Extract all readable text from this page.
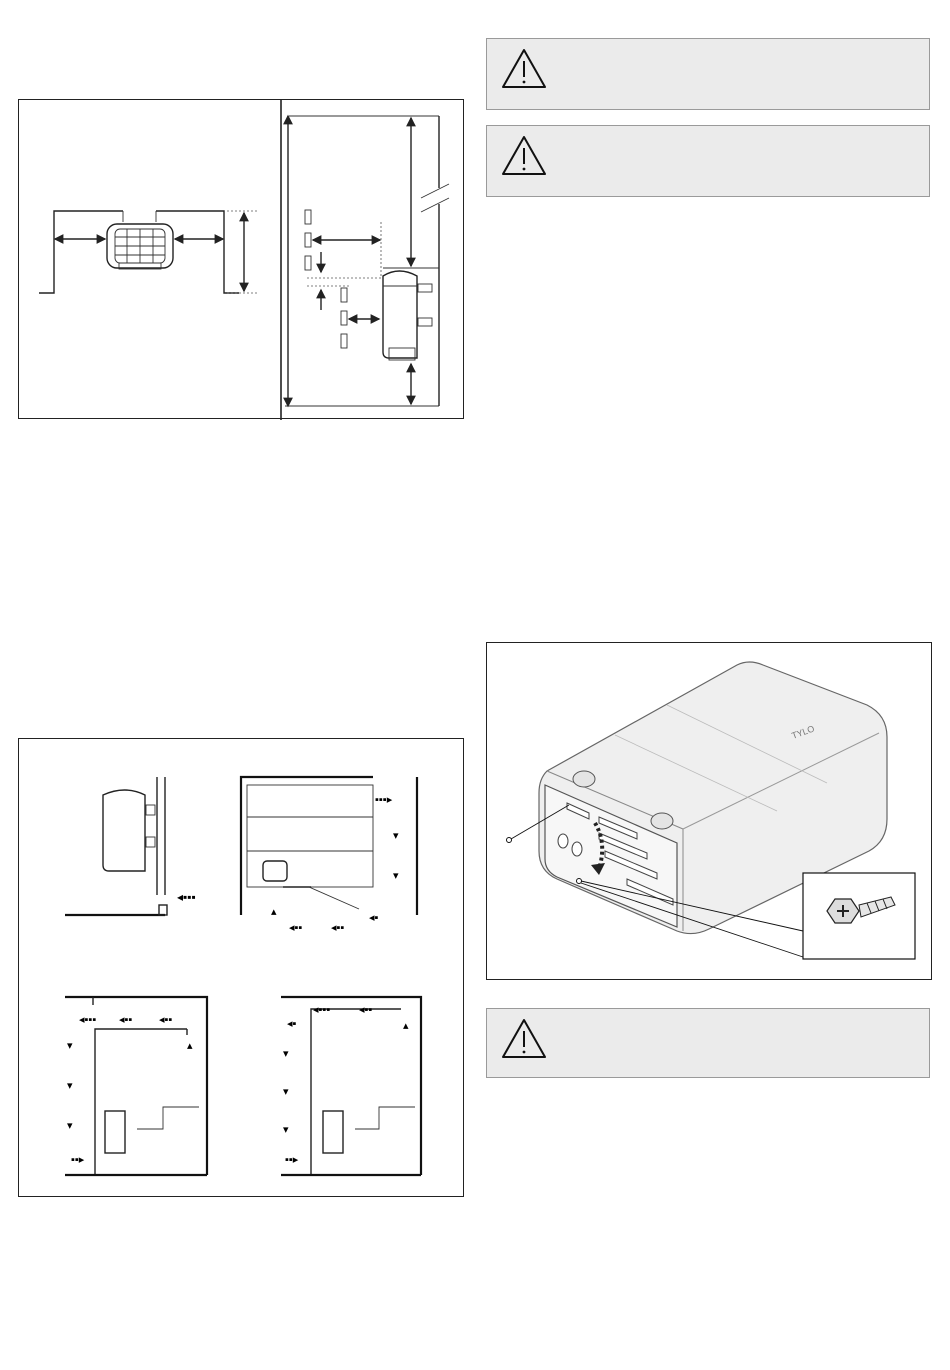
◂▪▪▪
▪▪▪▸
▾
▾
▴
◂▪▪	◂▪▪
◂▪
◂▪▪▪ ◂▪▪ ◂▪▪
▾
▾
▾
▴
▪▪▸
◂▪▪▪	◂▪▪
◂▪
▾
▾
▾
▴
▪▪▸
TYLO
